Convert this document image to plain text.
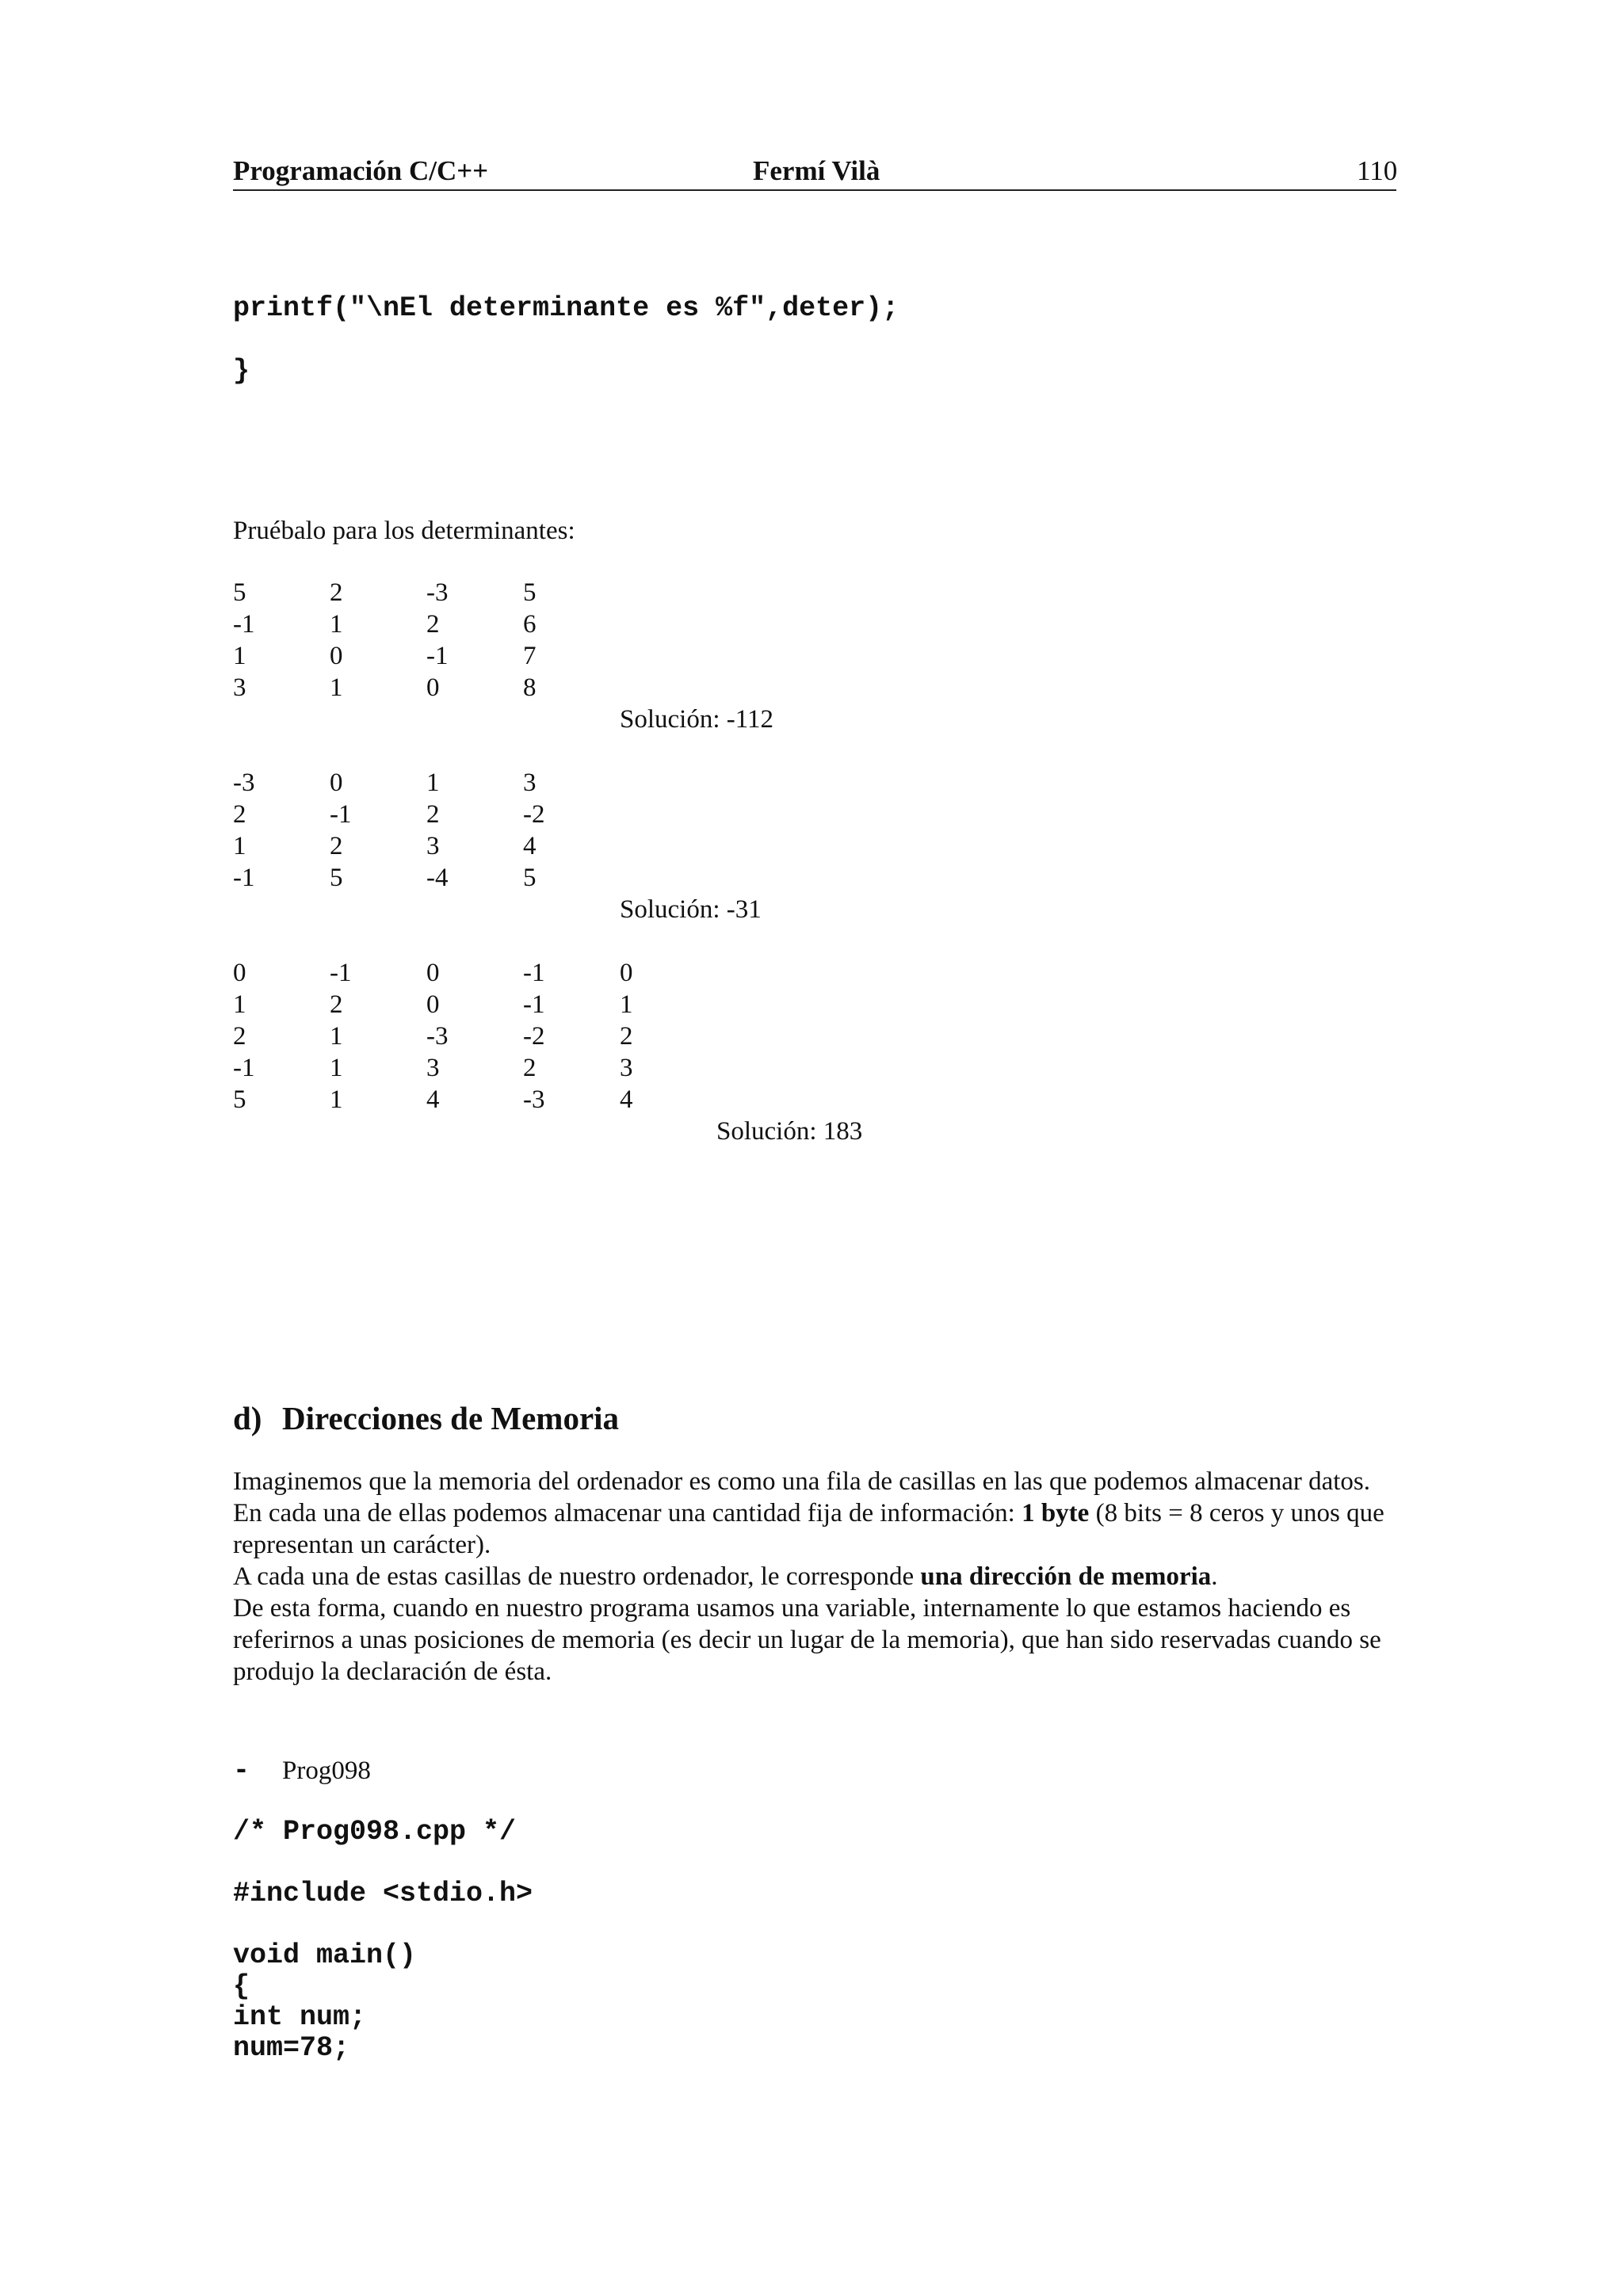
Programación C/C++	Fermí Vilà	110
printf("\nEl determinante es %f",deter);
}
Pruébalo para los determinantes:
5	2	-3	5
-1	1	2	6
1	0	-1	7
3	1	0	8
Solución: -112
-3	0	1	3
2	-1	2	-2
1	2	3	4
-1	5	-4	5
Solución: -31
0	-1	0	-1	0
1	2	0	-1	1
2	1	-3	-2	2
-1	1	3	2	3
5	1	4	-3	4
Solución: 183
d) Direcciones de Memoria

Imaginemos que la memoria del ordenador es como una fila de casillas en las que podemos almacenar datos. En cada una de ellas podemos almacenar una cantidad fija de información: 1 byte (8 bits = 8 ceros y unos que representan un carácter).

A cada una de estas casillas de nuestro ordenador, le corresponde una dirección de memoria.

De esta forma, cuando en nuestro programa usamos una variable, internamente lo que estamos haciendo es referirnos a unas posiciones de memoria (es decir un lugar de la memoria), que han sido reservadas cuando se produjo la declaración de ésta.

- Prog098
/* Prog098.cpp */
#include <stdio.h>
void main()
{
int num;
num=78;
